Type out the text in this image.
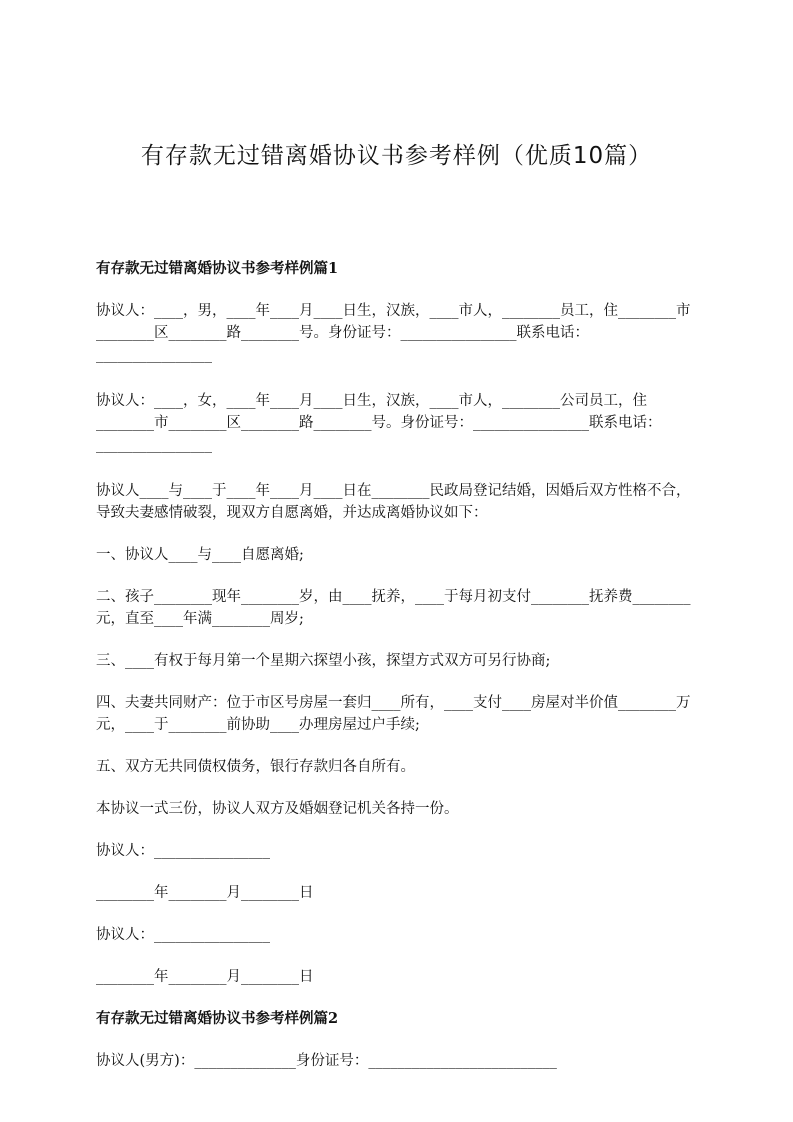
有存款无过错离婚协议书参考样例（优质10篇）

有存款无过错离婚协议书参考样例篇1

协议人：____，男，____年____月____日生，汉族，____市人，________员工，住________市________区________路________号。身份证号：________________联系电话：________________

协议人：____，女，____年____月____日生，汉族，____市人，________公司员工，住________市________区________路________号。身份证号：________________联系电话：________________

协议人____与____于____年____月____日在________民政局登记结婚，因婚后双方性格不合，导致夫妻感情破裂，现双方自愿离婚，并达成离婚协议如下：

一、协议人____与____自愿离婚;

二、孩子________现年________岁，由____抚养，____于每月初支付________抚养费________元，直至____年满________周岁;

三、____有权于每月第一个星期六探望小孩，探望方式双方可另行协商;

四、夫妻共同财产：位于市区号房屋一套归____所有，____支付____房屋对半价值________万元，____于________前协助____办理房屋过户手续;

五、双方无共同债权债务，银行存款归各自所有。

本协议一式三份，协议人双方及婚姻登记机关各持一份。

协议人：________________

________年________月________日

协议人：________________

________年________月________日

有存款无过错离婚协议书参考样例篇2

协议人(男方)：______________身份证号：__________________________
